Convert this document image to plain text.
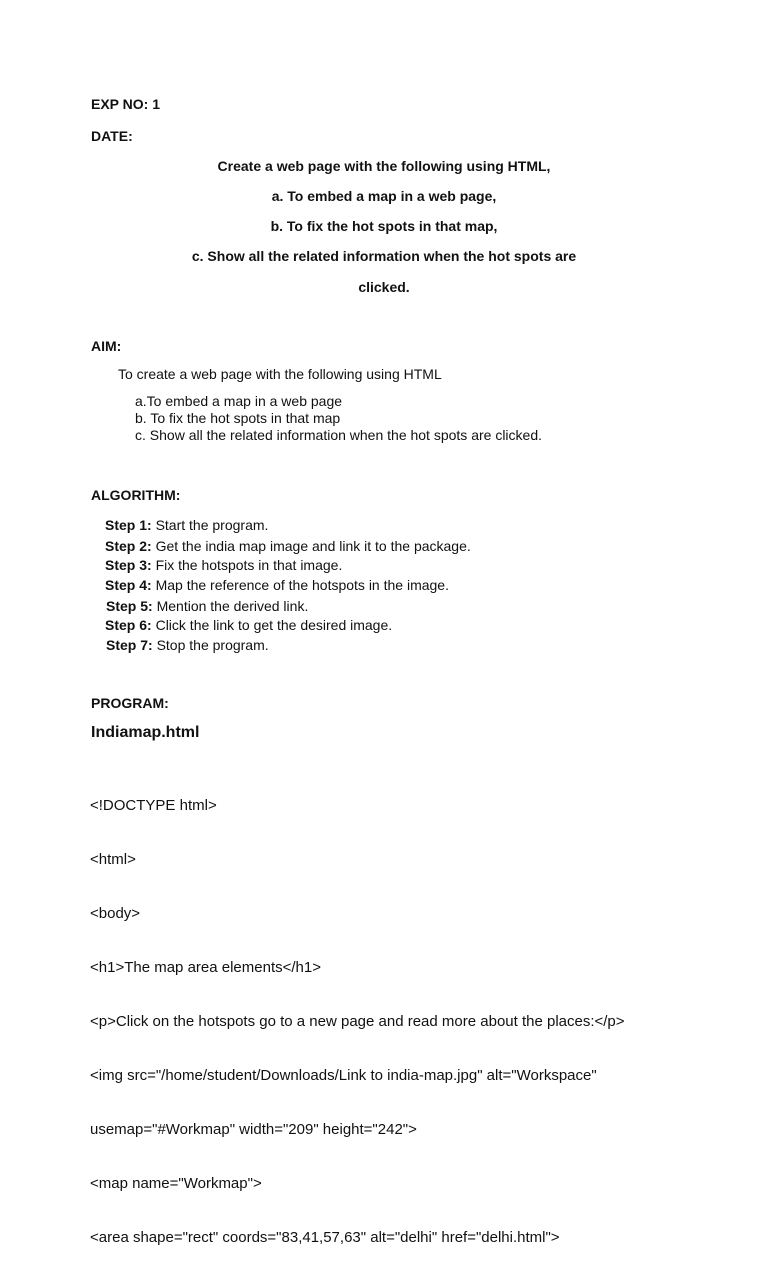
EXP NO: 1
DATE:
Create a web page with the following using HTML,
a. To embed a map in a web page,
b. To fix the hot spots in that map,
c. Show all the related information when the hot spots are
clicked.
AIM:
To create a web page with the following using HTML
a.To embed a map in a web page
b. To fix the hot spots in that map
c. Show all the related information when the hot spots are clicked.
ALGORITHM:
Step 1: Start the program.
Step 2: Get the india map image and link it to the package.
Step 3: Fix the hotspots in that image.
Step 4: Map the reference of the hotspots in the image.
Step 5: Mention the derived link.
Step 6: Click the link to get the desired image.
Step 7: Stop the program.
PROGRAM:
Indiamap.html

<!DOCTYPE html>

<html>

<body>

<h1>The map area elements</h1>

<p>Click on the hotspots go to a new page and read more about the places:</p>

<img src="/home/student/Downloads/Link to india-map.jpg" alt="Workspace"

usemap="#Workmap" width="209" height="242">

<map name="Workmap">

<area shape="rect" coords="83,41,57,63" alt="delhi" href="delhi.html">
